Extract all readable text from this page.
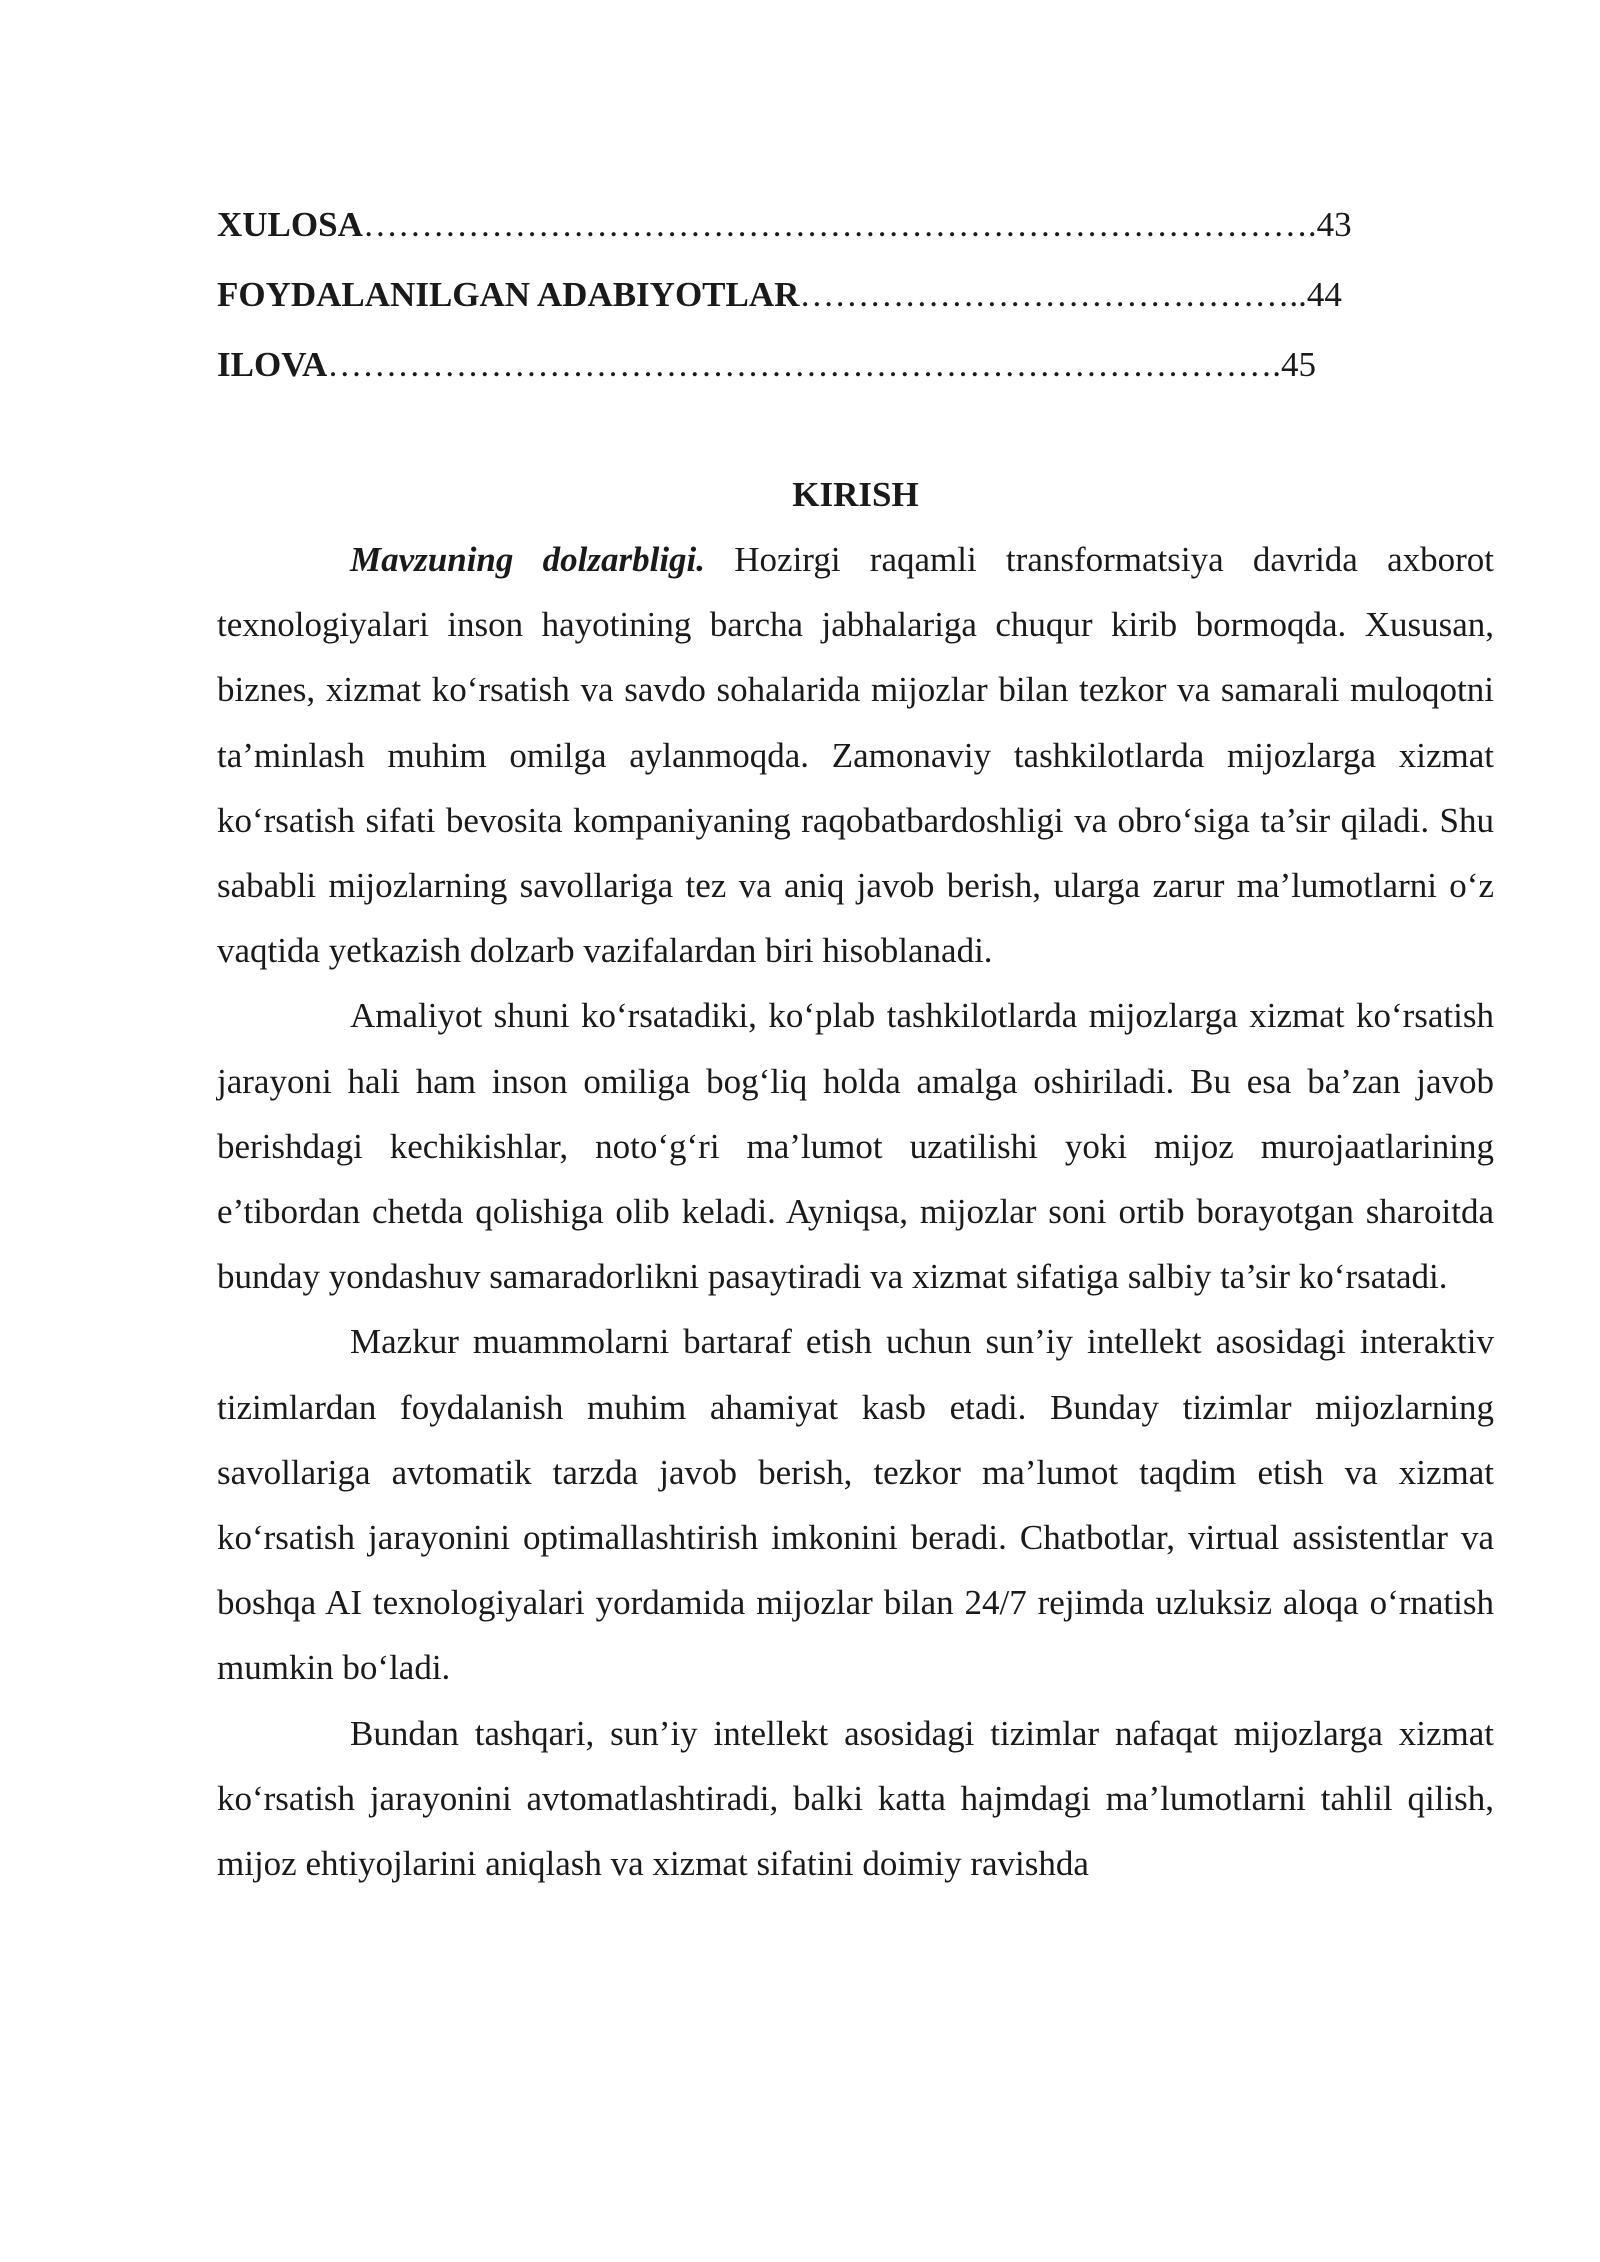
XULOSA……………………………………………………………………….43
FOYDALANILGAN ADABIYOTLAR……………………………………..44
ILOVA……………………………………………………………………….45
KIRISH

Mavzuning dolzarbligi. Hozirgi raqamli transformatsiya davrida axborot texnologiyalari inson hayotining barcha jabhalariga chuqur kirib bormoqda. Xususan, biznes, xizmat ko‘rsatish va savdo sohalarida mijozlar bilan tezkor va samarali muloqotni ta’minlash muhim omilga aylanmoqda. Zamonaviy tashkilotlarda mijozlarga xizmat ko‘rsatish sifati bevosita kompaniyaning raqobatbardoshligi va obro‘siga ta’sir qiladi. Shu sababli mijozlarning savollariga tez va aniq javob berish, ularga zarur ma’lumotlarni o‘z vaqtida yetkazish dolzarb vazifalardan biri hisoblanadi.

Amaliyot shuni ko‘rsatadiki, ko‘plab tashkilotlarda mijozlarga xizmat ko‘rsatish jarayoni hali ham inson omiliga bog‘liq holda amalga oshiriladi. Bu esa ba’zan javob berishdagi kechikishlar, noto‘g‘ri ma’lumot uzatilishi yoki mijoz murojaatlarining e’tibordan chetda qolishiga olib keladi. Ayniqsa, mijozlar soni ortib borayotgan sharoitda bunday yondashuv samaradorlikni pasaytiradi va xizmat sifatiga salbiy ta’sir ko‘rsatadi.

Mazkur muammolarni bartaraf etish uchun sun’iy intellekt asosidagi interaktiv tizimlardan foydalanish muhim ahamiyat kasb etadi. Bunday tizimlar mijozlarning savollariga avtomatik tarzda javob berish, tezkor ma’lumot taqdim etish va xizmat ko‘rsatish jarayonini optimallashtirish imkonini beradi. Chatbotlar, virtual assistentlar va boshqa AI texnologiyalari yordamida mijozlar bilan 24/7 rejimda uzluksiz aloqa o‘rnatish mumkin bo‘ladi.

Bundan tashqari, sun’iy intellekt asosidagi tizimlar nafaqat mijozlarga xizmat ko‘rsatish jarayonini avtomatlashtiradi, balki katta hajmdagi ma’lumotlarni tahlil qilish, mijoz ehtiyojlarini aniqlash va xizmat sifatini doimiy ravishda
